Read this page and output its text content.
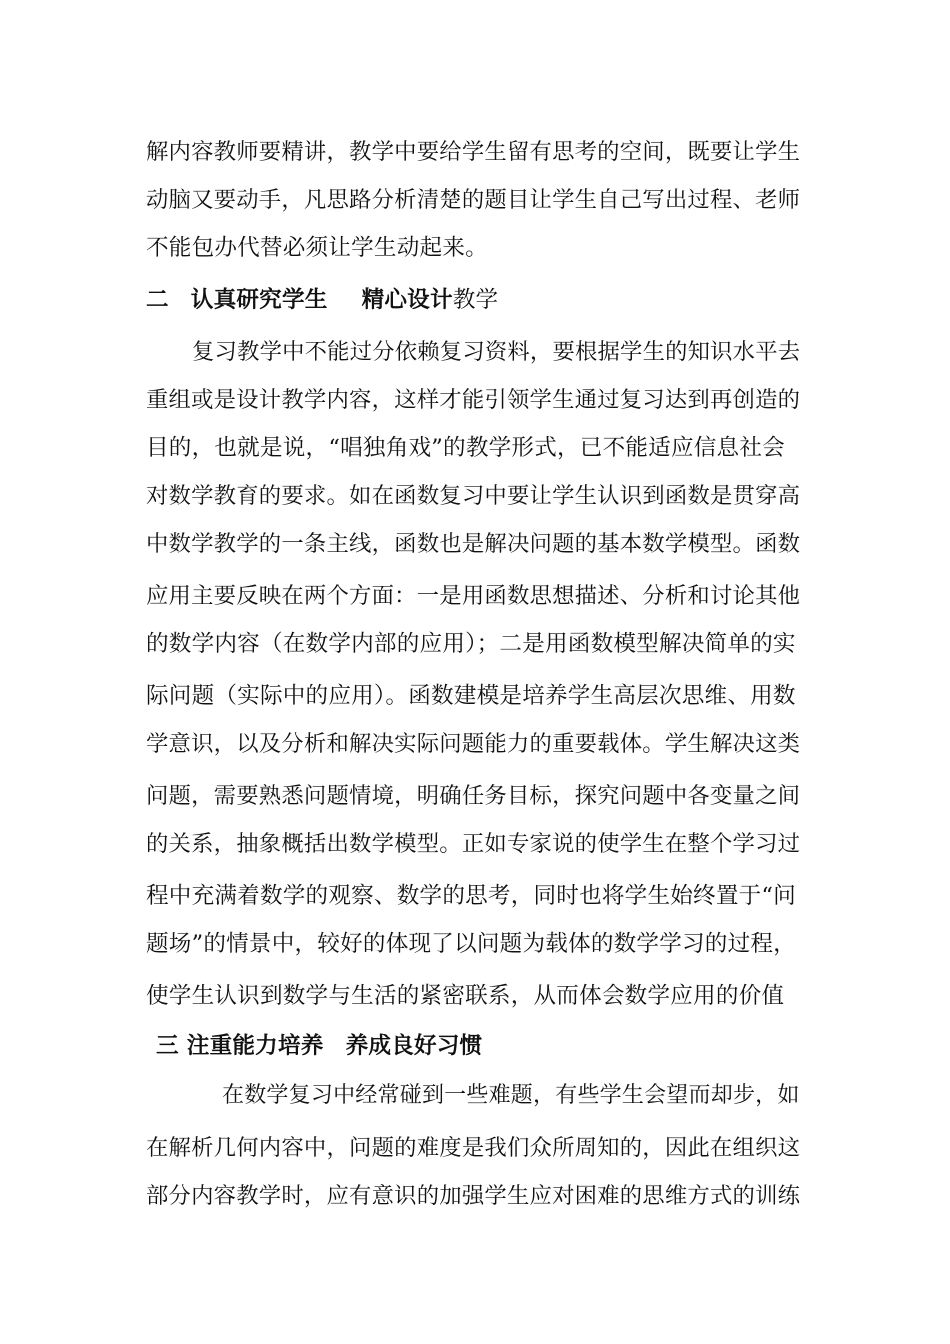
解内容教师要精讲，教学中要给学生留有思考的空间，既要让学生
动脑又要动手，凡思路分析清楚的题目让学生自己写出过程、老师
不能包办代替必须让学生动起来。
二 认真研究学生 精心设计教学
复习教学中不能过分依赖复习资料，要根据学生的知识水平去
重组或是设计教学内容，这样才能引领学生通过复习达到再创造的
目的，也就是说，“唱独角戏”的教学形式，已不能适应信息社会
对数学教育的要求。如在函数复习中要让学生认识到函数是贯穿高
中数学教学的一条主线，函数也是解决问题的基本数学模型。函数
应用主要反映在两个方面：一是用函数思想描述、分析和讨论其他
的数学内容（在数学内部的应用）；二是用函数模型解决简单的实
际问题（实际中的应用）。函数建模是培养学生高层次思维、用数
学意识，以及分析和解决实际问题能力的重要载体。学生解决这类
问题，需要熟悉问题情境，明确任务目标，探究问题中各变量之间
的关系，抽象概括出数学模型。正如专家说的使学生在整个学习过
程中充满着数学的观察、数学的思考，同时也将学生始终置于“问
题场”的情景中，较好的体现了以问题为载体的数学学习的过程，
使学生认识到数学与生活的紧密联系，从而体会数学应用的价值
三 注重能力培养 养成良好习惯
在数学复习中经常碰到一些难题，有些学生会望而却步，如
在解析几何内容中，问题的难度是我们众所周知的，因此在组织这
部分内容教学时，应有意识的加强学生应对困难的思维方式的训练
